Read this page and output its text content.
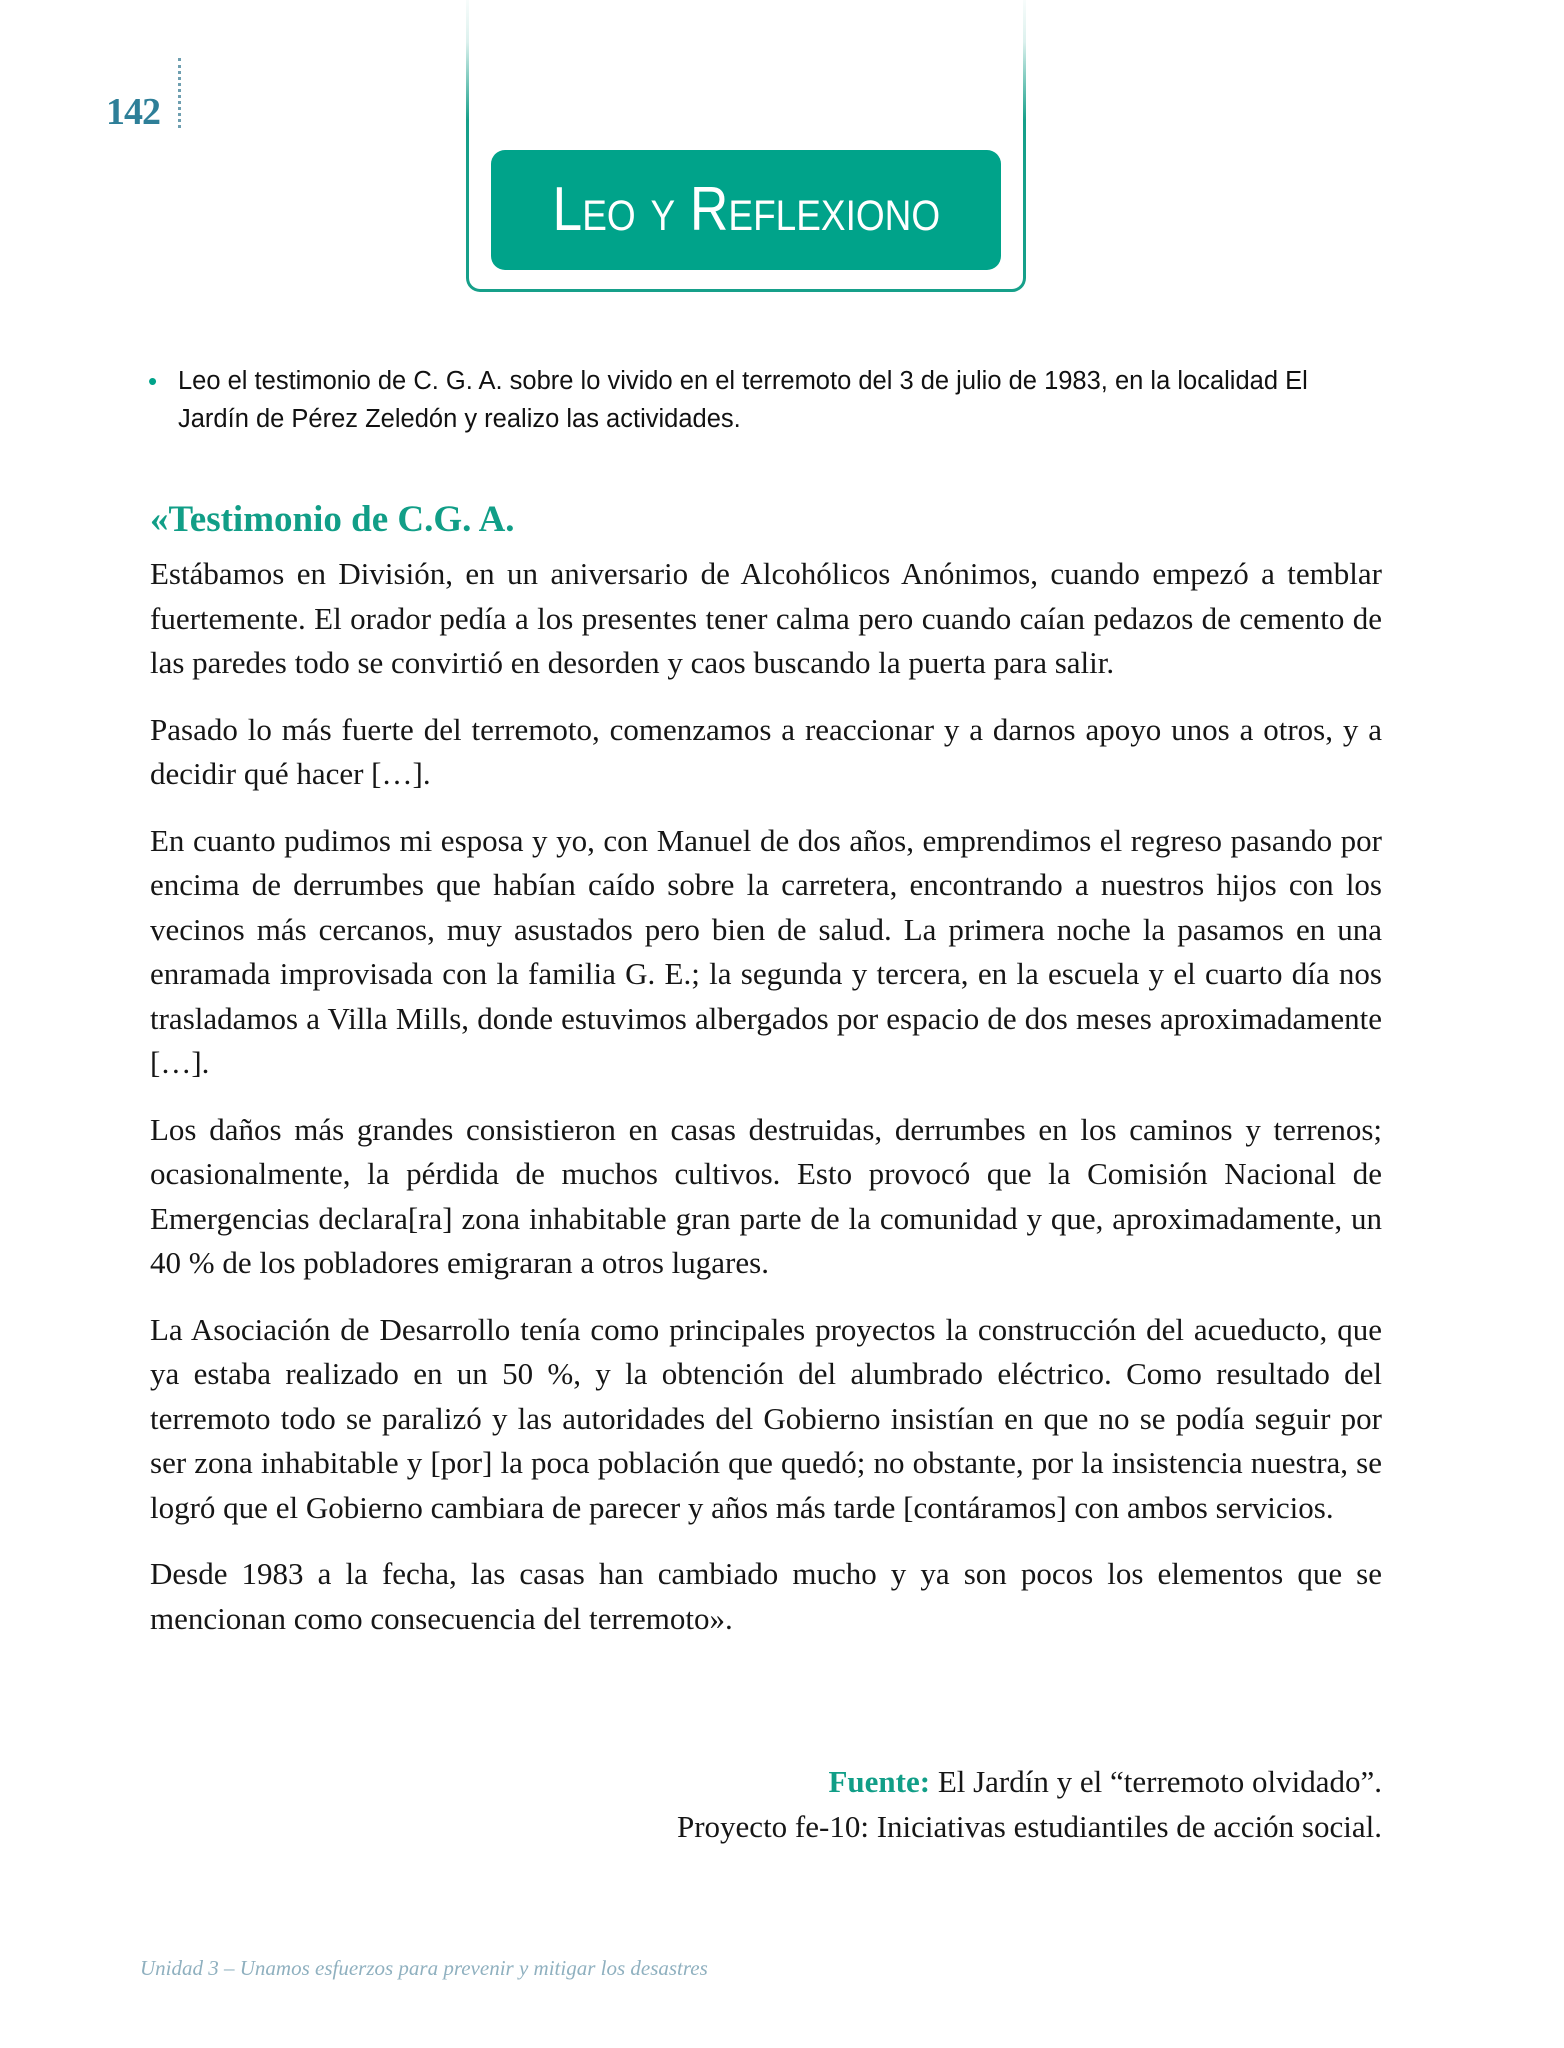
142
Leo y Reflexiono
• Leo el testimonio de C. G. A. sobre lo vivido en el terremoto del 3 de julio de 1983, en la localidad El Jardín de Pérez Zeledón y realizo las actividades.
«Testimonio de C.G. A.

Estábamos en División, en un aniversario de Alcohólicos Anónimos, cuando empezó a temblar fuertemente. El orador pedía a los presentes tener calma pero cuando caían pedazos de cemento de las paredes todo se convirtió en desorden y caos buscando la puerta para salir.

Pasado lo más fuerte del terremoto, comenzamos a reaccionar y a darnos apoyo unos a otros, y a decidir qué hacer […].

En cuanto pudimos mi esposa y yo, con Manuel de dos años, emprendimos el regreso pasando por encima de derrumbes que habían caído sobre la carretera, encontrando a nuestros hijos con los vecinos más cercanos, muy asustados pero bien de salud. La primera noche la pasamos en una enramada improvisada con la familia G. E.; la segunda y tercera, en la escuela y el cuarto día nos trasladamos a Villa Mills, donde estuvimos albergados por espacio de dos meses aproximadamente […].

Los daños más grandes consistieron en casas destruidas, derrumbes en los caminos y terrenos; ocasionalmente, la pérdida de muchos cultivos. Esto provocó que la Comisión Nacional de Emergencias declara[ra] zona inhabitable gran parte de la comunidad y que, aproximadamente, un 40 % de los pobladores emigraran a otros lugares.

La Asociación de Desarrollo tenía como principales proyectos la construcción del acueducto, que ya estaba realizado en un 50 %, y la obtención del alumbrado eléctrico. Como resultado del terremoto todo se paralizó y las autoridades del Gobierno insistían en que no se podía seguir por ser zona inhabitable y [por] la poca población que quedó; no obstante, por la insistencia nuestra, se logró que el Gobierno cambiara de parecer y años más tarde [contáramos] con ambos servicios.

Desde 1983 a la fecha, las casas han cambiado mucho y ya son pocos los elementos que se mencionan como consecuencia del terremoto».

Fuente: El Jardín y el “terremoto olvidado”.
Proyecto fe-10: Iniciativas estudiantiles de acción social.
Unidad 3 – Unamos esfuerzos para prevenir y mitigar los desastres
